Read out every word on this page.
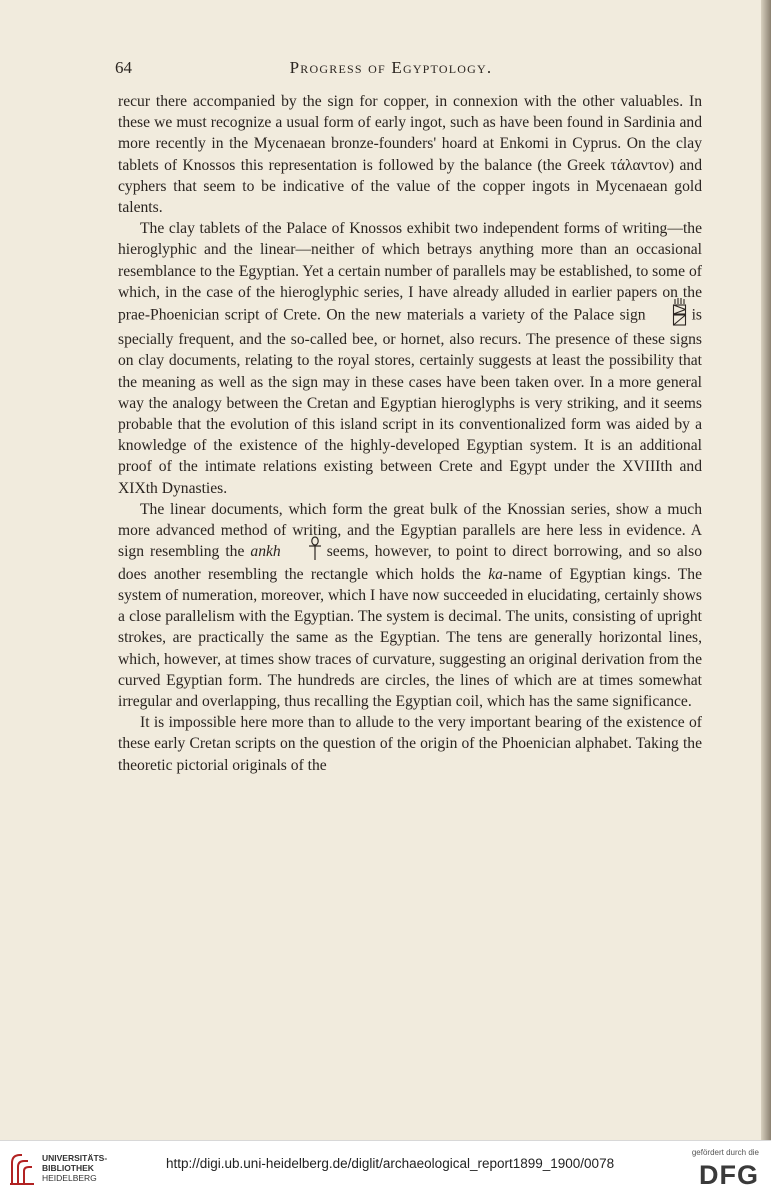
64	Progress of Egyptology.

recur there accompanied by the sign for copper, in connexion with the other valuables. In these we must recognize a usual form of early ingot, such as have been found in Sardinia and more recently in the Mycenaean bronze-founders' hoard at Enkomi in Cyprus. On the clay tablets of Knossos this representation is followed by the balance (the Greek τάλαντον) and cyphers that seem to be indicative of the value of the copper ingots in Mycenaean gold talents.

The clay tablets of the Palace of Knossos exhibit two independent forms of writing—the hieroglyphic and the linear—neither of which betrays anything more than an occasional resemblance to the Egyptian. Yet a certain number of parallels may be established, to some of which, in the case of the hieroglyphic series, I have already alluded in earlier papers on the prae-Phoenician script of Crete. On the new materials a variety of the Palace sign	is specially frequent, and the so-called bee, or hornet, also recurs. The presence of these signs on clay documents, relating to the royal stores, certainly suggests at least the possibility that the meaning as well as the sign may in these cases have been taken over. In a more general way the analogy between the Cretan and Egyptian hieroglyphs is very striking, and it seems probable that the evolution of this island script in its conventionalized form was aided by a knowledge of the existence of the highly-developed Egyptian system. It is an additional proof of the intimate relations existing between Crete and Egypt under the XVIIIth and XIXth Dynasties.

The linear documents, which form the great bulk of the Knossian series, show a much more advanced method of writing, and the Egyptian parallels are here less in evidence. A sign resembling the ankh	seems, however, to point to direct borrowing, and so also does another resembling the rectangle which holds the ka-name of Egyptian kings. The system of numeration, moreover, which I have now succeeded in elucidating, certainly shows a close parallelism with the Egyptian. The system is decimal. The units, consisting of upright strokes, are practically the same as the Egyptian. The tens are generally horizontal lines, which, however, at times show traces of curvature, suggesting an original derivation from the curved Egyptian form. The hundreds are circles, the lines of which are at times somewhat irregular and overlapping, thus recalling the Egyptian coil, which has the same significance.

It is impossible here more than to allude to the very important bearing of the existence of these early Cretan scripts on the question of the origin of the Phoenician alphabet. Taking the theoretic pictorial originals of the

UNIVERSITÄTS-
BIBLIOTHEK
HEIDELBERG
http://digi.ub.uni-heidelberg.de/diglit/archaeological_report1899_1900/0078
gefördert durch die
DFG
